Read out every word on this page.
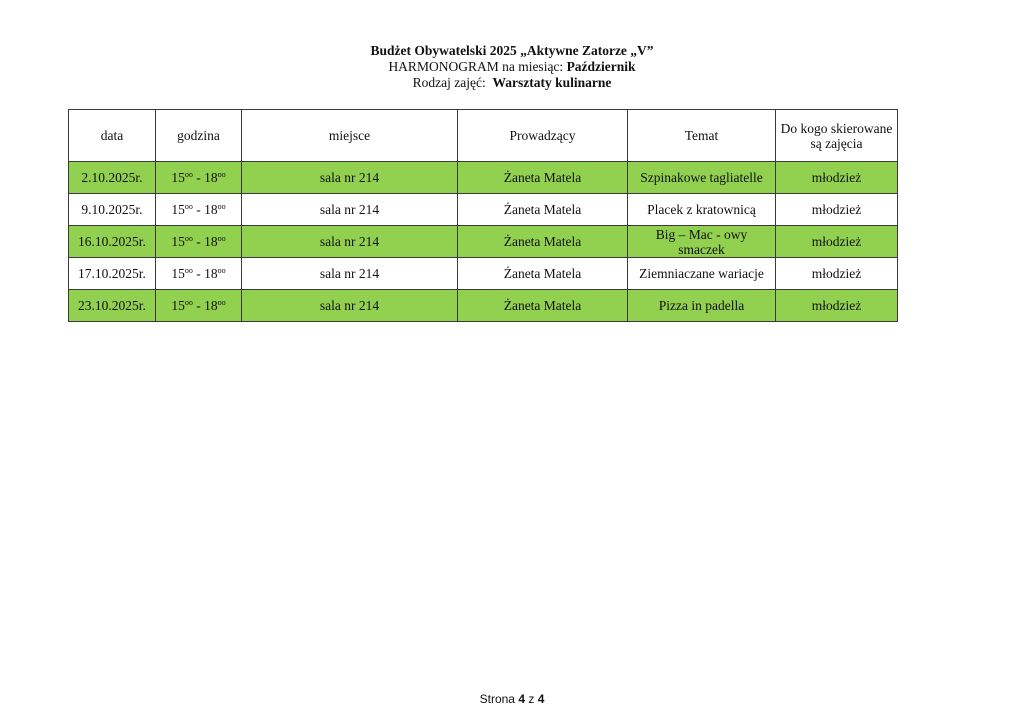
Budżet Obywatelski 2025 „Aktywne Zatorze „V”
HARMONOGRAM na miesiąc: Październik
Rodzaj zajęć: Warsztaty kulinarne
data	godzina	miejsce	Prowadzący	Temat	Do kogo skierowane są zajęcia
2.10.2025r.	$15^{oo} - 18^{oo}$	sala nr 214	Żaneta Matela	Szpinakowe tagliatelle	młodzież
9.10.2025r.	$15^{oo} - 18^{oo}$	sala nr 214	Żaneta Matela	Placek z kratownicą	młodzież
16.10.2025r.	$15^{oo} - 18^{oo}$	sala nr 214	Żaneta Matela	Big – Mac - owy smaczek	młodzież
17.10.2025r.	$15^{oo} - 18^{oo}$	sala nr 214	Żaneta Matela	Ziemniaczane wariacje	młodzież
23.10.2025r.	$15^{oo} - 18^{oo}$	sala nr 214	Żaneta Matela	Pizza in padella	młodzież
Strona 4 z 4
